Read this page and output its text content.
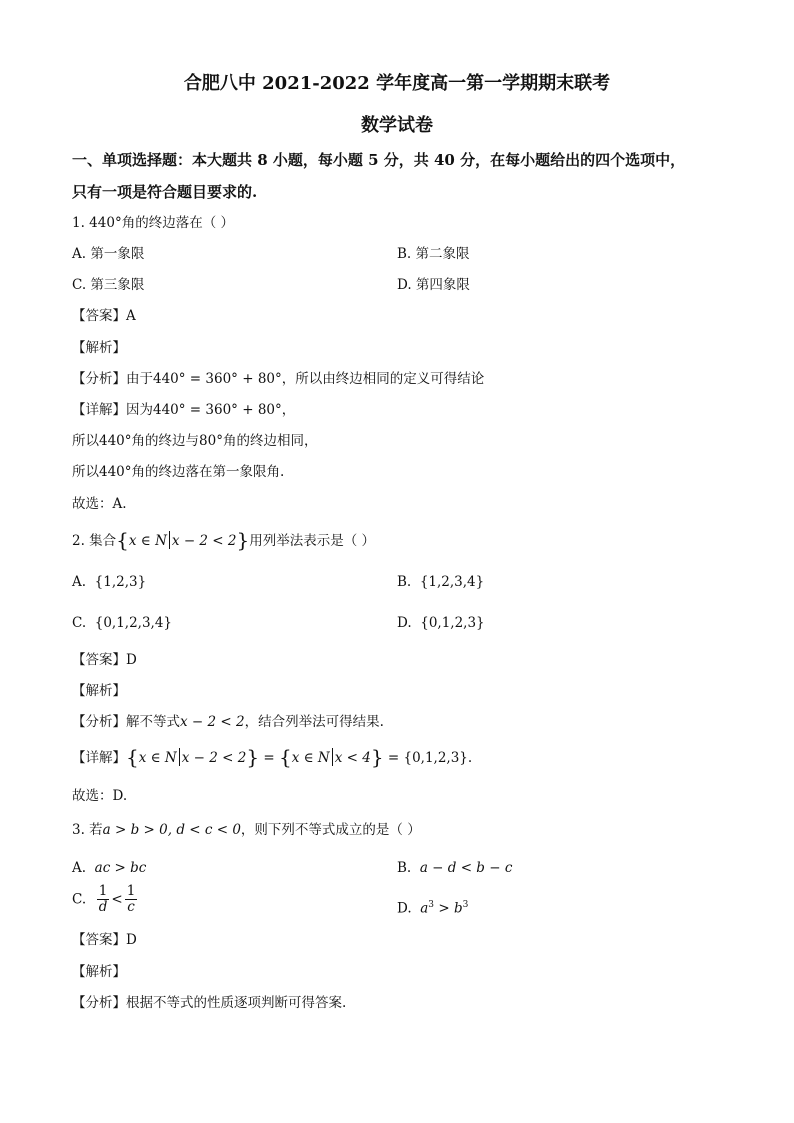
合肥八中 2021-2022 学年度高一第一学期期末联考
数学试卷
一、单项选择题：本大题共 8 小题，每小题 5 分，共 40 分，在每小题给出的四个选项中，
只有一项是符合题目要求的.
1. 440°角的终边落在（ ）
A. 第一象限	B. 第二象限
C. 第三象限	D. 第四象限
【答案】A
【解析】
【分析】由于440° = 360° + 80°，所以由终边相同的定义可得结论
【详解】因为440° = 360° + 80°，
所以440°角的终边与80°角的终边相同，
所以440°角的终边落在第一象限角.
故选：A.
2. 集合{x ∈ N x − 2 < 2}用列举法表示是（ ）
A. {1,2,3}	B. {1,2,3,4}
C. {0,1,2,3,4}	D. {0,1,2,3}
【答案】D
【解析】
【分析】解不等式x − 2 < 2，结合列举法可得结果.
【详解】{x ∈ N x − 2 < 2} = {x ∈ N x < 4} = {0,1,2,3}.
故选：D.
3. 若a > b > 0, d < c < 0，则下列不等式成立的是（ ）
A. ac > bc	B. a − d < b − c
C. $\frac{1}{d} < \frac{1}{c}$	D. $a^3 > b^3$
【答案】D
【解析】
【分析】根据不等式的性质逐项判断可得答案.
